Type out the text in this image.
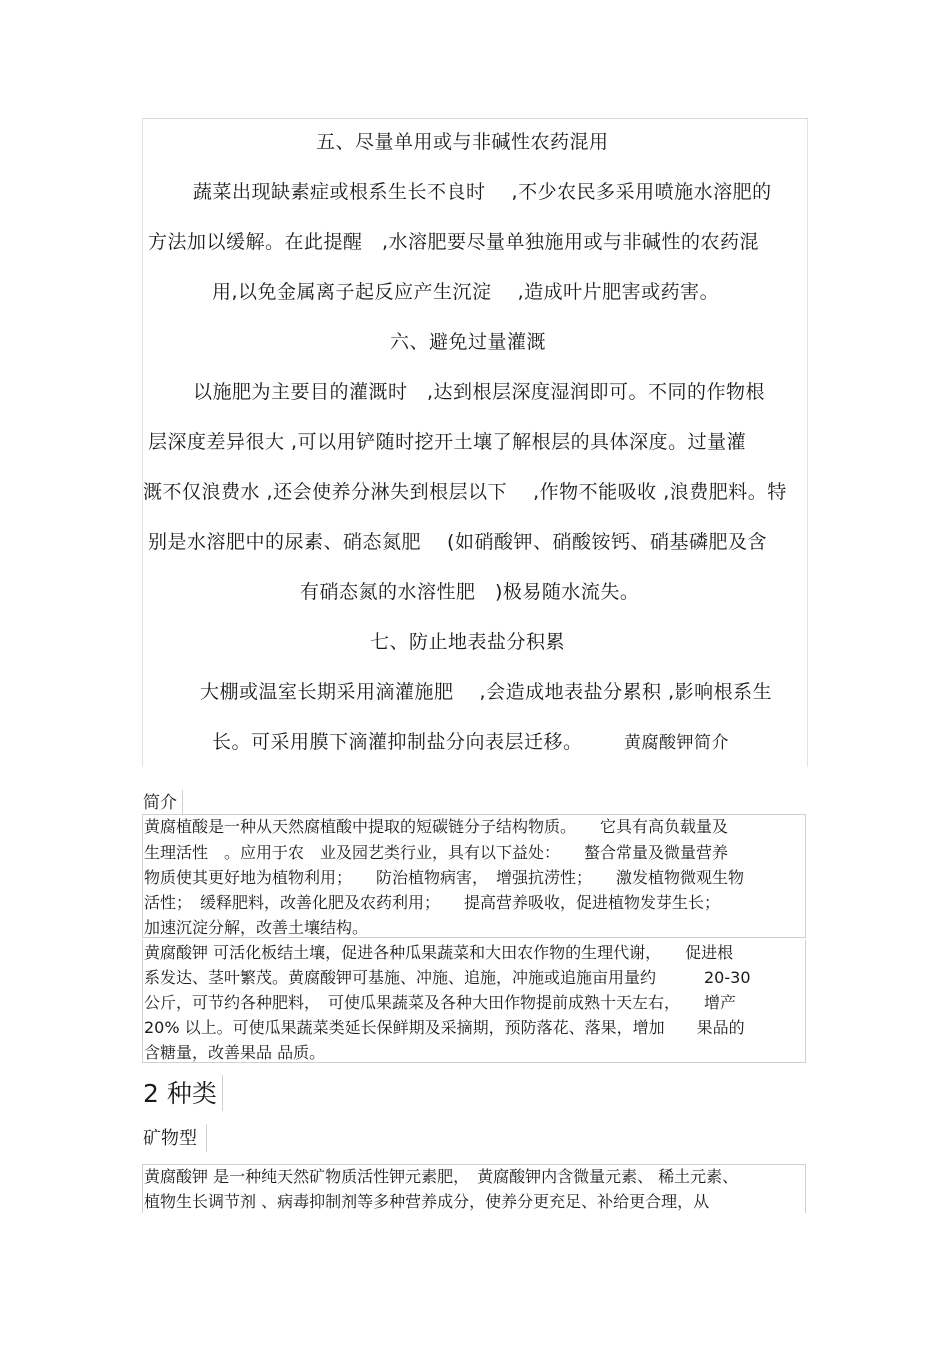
五、尽量单用或与非碱性农药混用
蔬菜出现缺素症或根系生长不良时　 ,不少农民多采用喷施水溶肥的
方法加以缓解。在此提醒　,水溶肥要尽量单独施用或与非碱性的农药混
用,以免金属离子起反应产生沉淀　 ,造成叶片肥害或药害。
六、避免过量灌溉
以施肥为主要目的灌溉时　,达到根层深度湿润即可。不同的作物根
层深度差异很大 ,可以用铲随时挖开土壤了解根层的具体深度。过量灌
溉不仅浪费水 ,还会使养分淋失到根层以下　 ,作物不能吸收 ,浪费肥料。特
别是水溶肥中的尿素、硝态氮肥　 (如硝酸钾、硝酸铵钙、硝基磷肥及含
有硝态氮的水溶性肥　)极易随水流失。
七、防止地表盐分积累
大棚或温室长期采用滴灌施肥　 ,会造成地表盐分累积 ,影响根系生
长。可采用膜下滴灌抑制盐分向表层迁移。 黄腐酸钾简介
简介
黄腐植酸是一种从天然腐植酸中提取的短碳链分子结构物质。　　它具有高负载量及
生理活性　。应用于农　业及园艺类行业，具有以下益处：　　螯合常量及微量营养
物质使其更好地为植物利用；　　防治植物病害，　增强抗涝性；　　激发植物微观生物
活性；　缓释肥料，改善化肥及农药利用；　　提高营养吸收，促进植物发芽生长；
加速沉淀分解，改善土壤结构。
黄腐酸钾 可活化板结土壤，促进各种瓜果蔬菜和大田农作物的生理代谢，　　促进根
系发达、茎叶繁茂。黄腐酸钾可基施、冲施、追施，冲施或追施亩用量约　　　20-30
公斤，可节约各种肥料，　可使瓜果蔬菜及各种大田作物提前成熟十天左右，　　增产
20% 以上。可使瓜果蔬菜类延长保鲜期及采摘期，预防落花、落果，增加　　果品的
含糖量，改善果品 品质。
2 种类
矿物型
黄腐酸钾 是一种纯天然矿物质活性钾元素肥，　黄腐酸钾内含微量元素、 稀土元素、
植物生长调节剂 、病毒抑制剂等多种营养成分，使养分更充足、补给更合理，从
